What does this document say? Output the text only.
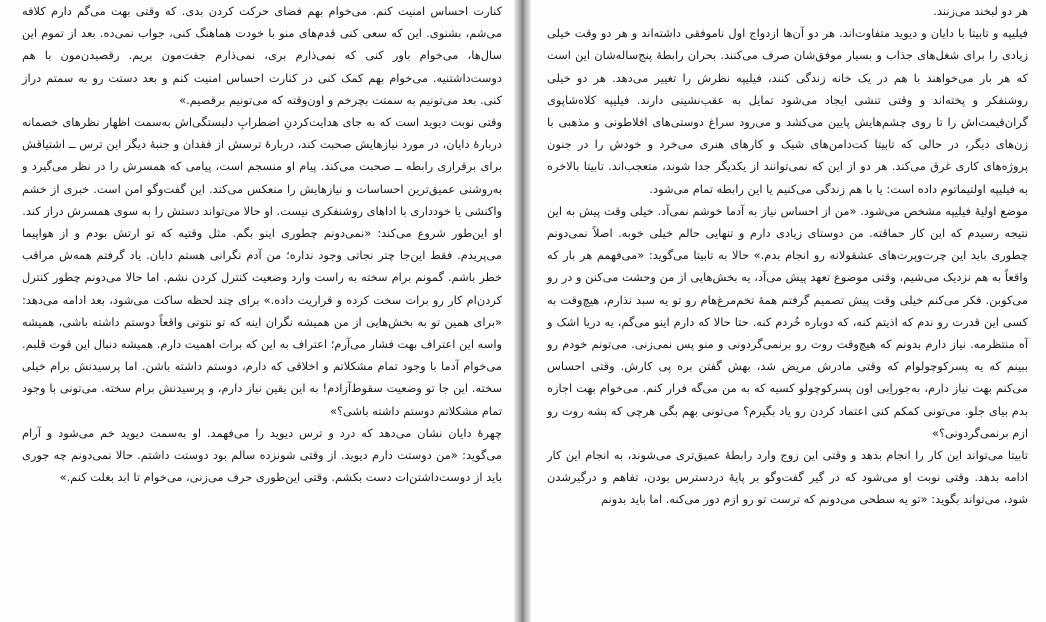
کنارت احساس امنیت کنم. می‌خوام بهم فضای حرکت کردن بدی. که وقتی بهت می‌گم دارم کلافه می‌شم، بشنوی. این که سعی کنی قدم‌های منو با خودت هماهنگ کنی، جواب نمی‌ده. بعد از تموم این سال‌ها، می‌خوام باور کنی که نمی‌ذارم بری، نمی‌ذارم جفت‌مون بریم. رقصیدن‌مون با هم دوست‌داشتنیه. می‌خوام بهم کمک کنی در کنارت احساس امنیت کنم و بعد دستت رو به سمتم دراز کنی. بعد می‌تونیم به سمتت بچرخم و اون‌وقته که می‌تونیم برقصیم.»

وقتی نوبت دیوید است که به جای هدایت‌کردنِ اضطرابِ دلبستگی‌اش به‌سمت اظهار نظرهای خصمانه دربارهٔ دایان، در مورد نیازهایش صحبت کند، دربارهٔ ترسش از فقدان و جنبهٔ دیگر این ترس ــ اشتیاقش برای برقراری رابطه ــ صحبت می‌کند. پیام او منسجم است، پیامی که همسرش را در نظر می‌گیرد و به‌روشنی عمیق‌ترین احساسات و نیازهایش را منعکس می‌کند. این گفت‌وگو امن است. خبری از خشم واکنشی یا خودداری با اداهای روشنفکری نیست. او حالا می‌تواند دستش را به سوی همسرش دراز کند.

او این‌طور شروع می‌کند: «نمی‌دونم چطوری اینو بگم. مثل وقتیه که تو ارتش بودم و از هواپیما می‌پریدم. فقط این‌جا چتر نجاتی وجود نداره؛ من آدم نگرانی هستم دایان. یاد گرفتم همه‌ش مراقب خطر باشم. گمونم برام سخته به راست وارد وضعیت کنترل کردن نشم. اما حالا می‌دونم چطور کنترل کردن‌ام کار رو برات سخت کرده و قراریت داده.» برای چند لحظه ساکت می‌شود، بعد ادامه می‌دهد: «برای همین تو به بخش‌هایی از من همیشه نگران اینه که تو نتونی واقعاً دوستم داشته باشی، همیشه واسه این اعتراف بهت فشار می‌آرم؛ اعتراف به این که برات اهمیت دارم. همیشه دنبال این قوت قلبم. می‌خوام آدما با وجود تمام مشکلاتم و اخلاقی که دارم، دوستم داشته باشن. اما پرسیدنش برام خیلی سخته. این جا تو وضعیت سقوط‌آزادم! به این یقین نیاز دارم، و پرسیدنش برام سخته. می‌تونی با وجود تمام مشکلاتم دوستم داشته باشی؟»

چهرهٔ دایان نشان می‌دهد که درد و ترس دیوید را می‌فهمد. او به‌سمت دیوید خم می‌شود و آرام می‌گوید: «من دوستت دارم دیوید. از وقتی شونزده سالم بود دوستت داشتم. حالا نمی‌دونم چه جوری باید از دوست‌داشتن‌ات دست بکشم. وقتی این‌طوری حرف می‌زنی، می‌خوام تا ابد بغلت کنم.»

هر دو لبخند می‌زنند.

فیلیپه و تابیتا با دایان و دیوید متفاوت‌اند. هر دو آن‌ها ازدواج اول ناموفقی داشته‌اند و هر دو وقت خیلی زیادی را برای شغل‌های جذاب و بسیار موفق‌شان صرف می‌کنند. بحران رابطهٔ پنج‌ساله‌شان این است که هر بار می‌خواهند با هم در یک خانه زندگی کنند، فیلیپه نظرش را تغییر می‌دهد. هر دو خیلی روشنفکر و پخته‌اند و وقتی تنشی ایجاد می‌شود تمایل به عقب‌نشینی دارند. فیلیپه کلاه‌شاپوی گران‌قیمت‌اش را تا روی چشم‌هایش پایین می‌کشد و می‌رود سراغ دوستی‌های افلاطونی و مذهبی با زن‌های دیگر، در حالی که تابیتا کت‌دامن‌های شیک و کارهای هنری می‌خرد و خودش را در جنون پروژه‌های کاری غرق می‌کند. هر دو از این که نمی‌توانند از یکدیگر جدا شوند، متعجب‌اند. تابیتا بالاخره به فیلیپه اولتیماتوم داده است: یا با هم زندگی می‌کنیم یا این رابطه تمام می‌شود.

موضع اولیهٔ فیلیپه مشخص می‌شود. «من از احساس نیاز به آدما خوشم نمی‌آد. خیلی وقت پیش به این نتیجه رسیدم که این کار حماقته. من دوستای زیادی دارم و تنهایی حالم خیلی خوبه. اصلاً نمی‌دونم چطوری باید این چرت‌وپرت‌های عشقولانه رو انجام بدم.» حالا به تابیتا می‌گوید: «می‌فهمم هر بار که واقعاً به هم نزدیک می‌شیم، وقتی موضوع تعهد پیش می‌آد، یه بخش‌هایی از من وحشت می‌کنن و در رو می‌کوبن. فکر می‌کنم خیلی وقت پیش تصمیم گرفتم همهٔ تخم‌مرغ‌هام رو تو یه سبد نذارم، هیچ‌وقت به کسی این قدرت رو ندم که اذیتم کنه، که دوباره خُردم کنه. حتا حالا که دارم اینو می‌گم، یه دریا اشک و آه منتظرمه. نیاز دارم بدونم که هیچ‌وقت روت رو برنمی‌گردونی و منو پس نمی‌زنی. می‌تونم خودم رو ببینم که یه پسرکوچولوام که وقتی مادرش مریض شد، بهش گفتن بره پی کارش. وقتی احساس می‌کنم بهت نیاز دارم، به‌جوراِبی اون پسرکوچولو کسیه که به من می‌گه فرار کنم. می‌خوام بهت اجازه بدم بیای جلو. می‌تونی کمکم کنی اعتماد کردن رو یاد بگیرم؟ می‌تونی بهم بگی هرچی که بشه روت رو ازم برنمی‌گردونی؟»

تابیتا می‌تواند این کار را انجام بدهد و وقتی این زوج وارد رابطهٔ عمیق‌تری می‌شوند، به انجام این کار ادامه بدهد. وقتی نوبت او می‌شود که در گیر گفت‌وگو بر پایهٔ دردسترس بودن، تفاهم و درگیرشدن شود، می‌تواند بگوید: «تو یه سطحی می‌دونم که ترست تو رو ازم دور می‌کنه. اما باید بدونم
